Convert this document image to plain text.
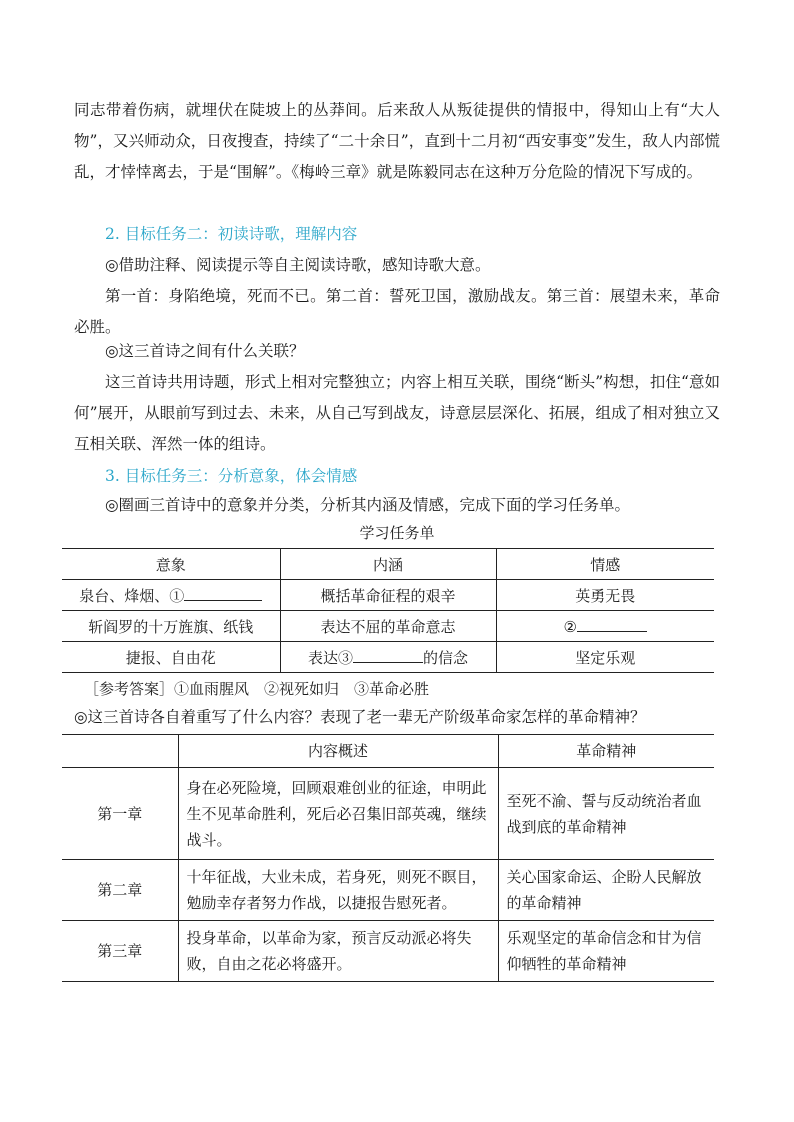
同志带着伤病，就埋伏在陡坡上的丛莽间。后来敌人从叛徒提供的情报中，得知山上有“大人物”，又兴师动众，日夜搜查，持续了“二十余日”，直到十二月初“西安事变”发生，敌人内部慌乱，才悻悻离去，于是“围解”。《梅岭三章》就是陈毅同志在这种万分危险的情况下写成的。

2. 目标任务二：初读诗歌，理解内容

◎借助注释、阅读提示等自主阅读诗歌，感知诗歌大意。

第一首：身陷绝境，死而不已。第二首：誓死卫国，激励战友。第三首：展望未来，革命必胜。

◎这三首诗之间有什么关联？

这三首诗共用诗题，形式上相对完整独立；内容上相互关联，围绕“断头”构想，扣住“意如何”展开，从眼前写到过去、未来，从自己写到战友，诗意层层深化、拓展，组成了相对独立又互相关联、浑然一体的组诗。

3. 目标任务三：分析意象，体会情感

◎圈画三首诗中的意象并分类，分析其内涵及情感，完成下面的学习任务单。

学习任务单
意象	内涵	情感
泉台、烽烟、①	概括革命征程的艰辛	英勇无畏
斩阎罗的十万旌旗、纸钱	表达不屈的革命意志	②
捷报、自由花	表达③ 的信念	坚定乐观
［参考答案］①血雨腥风　②视死如归　③革命必胜
◎这三首诗各自着重写了什么内容？表现了老一辈无产阶级革命家怎样的革命精神？
	内容概述	革命精神
第一章	身在必死险境，回顾艰难创业的征途，申明此生不见革命胜利，死后必召集旧部英魂，继续战斗。	至死不渝、誓与反动统治者血战到底的革命精神
第二章	十年征战，大业未成，若身死，则死不瞑目，勉励幸存者努力作战，以捷报告慰死者。	关心国家命运、企盼人民解放的革命精神
第三章	投身革命，以革命为家，预言反动派必将失败，自由之花必将盛开。	乐观坚定的革命信念和甘为信仰牺牲的革命精神
